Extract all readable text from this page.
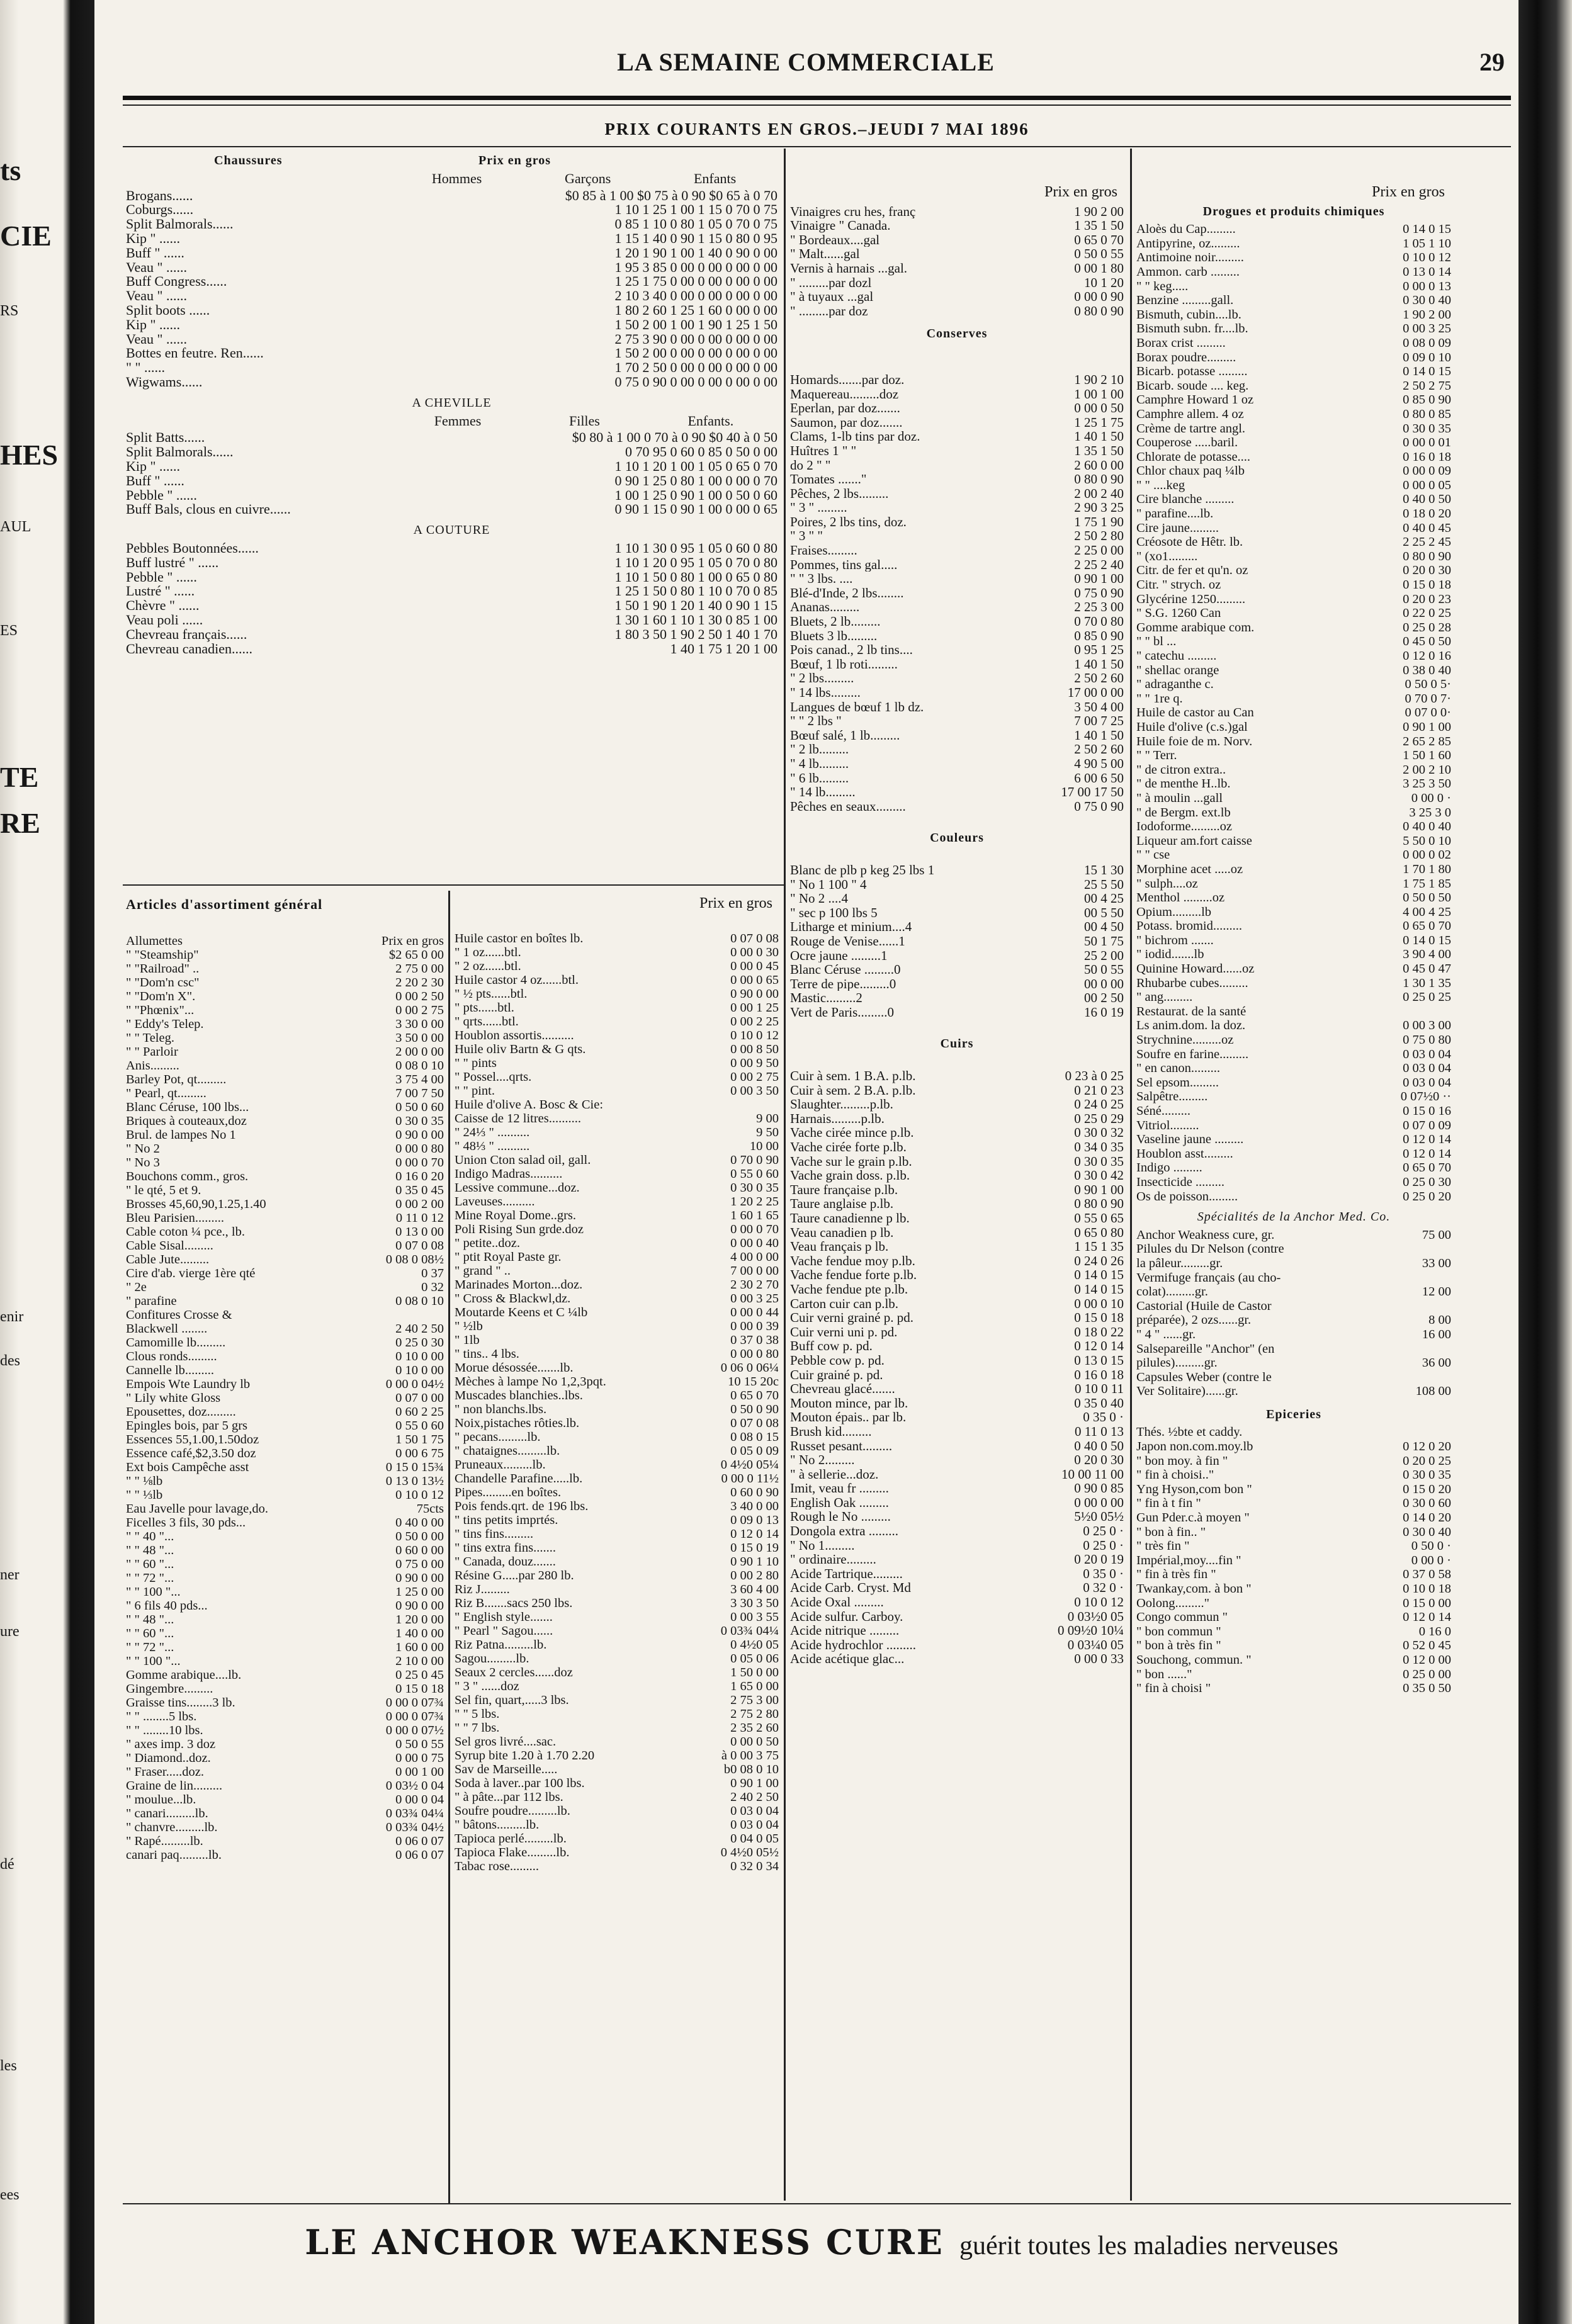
ts
CIE
RS
HES
AUL
ES
TE
RE
enir
des
ner
ure
dé
les
ees
LA SEMAINE COMMERCIALE	29
PRIX COURANTS EN GROS.–JEUDI 7 MAI 1896
Chaussures	Prix en gros
Hommes	Garçons	Enfants
Brogans......	$0 85 à 1 00 $0 75 à 0 90 $0 65 à 0 70
Coburgs......	1 10 1 25 1 00 1 15 0 70 0 75
Split Balmorals......	0 85 1 10 0 80 1 05 0 70 0 75
Kip " ......	1 15 1 40 0 90 1 15 0 80 0 95
Buff " ......	1 20 1 90 1 00 1 40 0 90 0 00
Veau " ......	1 95 3 85 0 00 0 00 0 00 0 00
Buff Congress......	1 25 1 75 0 00 0 00 0 00 0 00
Veau " ......	2 10 3 40 0 00 0 00 0 00 0 00
Split boots ......	1 80 2 60 1 25 1 60 0 00 0 00
Kip " ......	1 50 2 00 1 00 1 90 1 25 1 50
Veau " ......	2 75 3 90 0 00 0 00 0 00 0 00
Bottes en feutre. Ren......	1 50 2 00 0 00 0 00 0 00 0 00
" " ......	1 70 2 50 0 00 0 00 0 00 0 00
Wigwams......	0 75 0 90 0 00 0 00 0 00 0 00
A CHEVILLE
Femmes	Filles	Enfants.
Split Batts......	$0 80 à 1 00 0 70 à 0 90 $0 40 à 0 50
Split Balmorals......	0 70 95 0 60 0 85 0 50 0 00
Kip " ......	1 10 1 20 1 00 1 05 0 65 0 70
Buff " ......	0 90 1 25 0 80 1 00 0 00 0 70
Pebble " ......	1 00 1 25 0 90 1 00 0 50 0 60
Buff Bals, clous en cuivre......	0 90 1 15 0 90 1 00 0 00 0 65
A COUTURE
Pebbles Boutonnées......	1 10 1 30 0 95 1 05 0 60 0 80
Buff lustré " ......	1 10 1 20 0 95 1 05 0 70 0 80
Pebble " ......	1 10 1 50 0 80 1 00 0 65 0 80
Lustré " ......	1 25 1 50 0 80 1 10 0 70 0 85
Chèvre " ......	1 50 1 90 1 20 1 40 0 90 1 15
Veau poli ......	1 30 1 60 1 10 1 30 0 85 1 00
Chevreau français......	1 80 3 50 1 90 2 50 1 40 1 70
Chevreau canadien......	1 40 1 75 1 20 1 00
Articles d'assortiment général
Allumettes	Prix en gros
" "Steamship"	$2 65 0 00
" "Railroad" ..	2 75 0 00
" "Dom'n csc"	2 20 2 30
" "Dom'n X".	0 00 2 50
" "Phœnix"...	0 00 2 75
" Eddy's Telep.	3 30 0 00
" " Teleg.	3 50 0 00
" " Parloir	2 00 0 00
Anis.........	0 08 0 10
Barley Pot, qt.........	3 75 4 00
" Pearl, qt.........	7 00 7 50
Blanc Céruse, 100 lbs...	0 50 0 60
Briques à couteaux,doz	0 30 0 35
Brul. de lampes No 1	0 90 0 00
" No 2	0 00 0 80
" No 3	0 00 0 70
Bouchons comm., gros.	0 16 0 20
" le qté, 5 et 9.	0 35 0 45
Brosses 45,60,90,1.25,1.40	0 00 2 00
Bleu Parisien.........	0 11 0 12
Cable coton ¼ pce., lb.	0 13 0 00
Cable Sisal.........	0 07 0 08
Cable Jute.........	0 08 0 08½
Cire d'ab. vierge 1ère qté	0 37
" 2e	0 32
" parafine	0 08 0 10
Confitures Crosse &
Blackwell ........	2 40 2 50
Camomille lb.........	0 25 0 30
Clous ronds.........	0 10 0 00
Cannelle lb.........	0 10 0 00
Empois Wte Laundry lb	0 00 0 04½
" Lily white Gloss	0 07 0 00
Epousettes, doz.........	0 60 2 25
Epingles bois, par 5 grs	0 55 0 60
Essences 55,1.00,1.50doz	1 50 1 75
Essence café,$2,3.50 doz	0 00 6 75
Ext bois Campêche asst	0 15 0 15¾
" " ⅛lb	0 13 0 13½
" " ⅓lb	0 10 0 12
Eau Javelle pour lavage,do.	75cts
Ficelles 3 fils, 30 pds...	0 40 0 00
" " 40 "...	0 50 0 00
" " 48 "...	0 60 0 00
" " 60 "...	0 75 0 00
" " 72 "...	0 90 0 00
" " 100 "...	1 25 0 00
" 6 fils 40 pds...	0 90 0 00
" " 48 "...	1 20 0 00
" " 60 "...	1 40 0 00
" " 72 "...	1 60 0 00
" " 100 "...	2 10 0 00
Gomme arabique....lb.	0 25 0 45
Gingembre.........	0 15 0 18
Graisse tins........3 lb.	0 00 0 07¾
" " ........5 lbs.	0 00 0 07¾
" " ........10 lbs.	0 00 0 07½
" axes imp. 3 doz	0 50 0 55
" Diamond..doz.	0 00 0 75
" Fraser.....doz.	0 00 1 00
Graine de lin.........	0 03½ 0 04
" moulue...lb.	0 00 0 04
" canari.........lb.	0 03¾ 04¼
" chanvre.........lb.	0 03¾ 04½
" Rapé.........lb.	0 06 0 07
canari paq.........lb.	0 06 0 07
Prix en gros
Huile castor en boîtes lb.	0 07 0 08
" 1 oz......btl.	0 00 0 30
" 2 oz......btl.	0 00 0 45
Huile castor 4 oz......btl.	0 00 0 65
" ½ pts......btl.	0 90 0 00
" pts......btl.	0 00 1 25
" qrts......btl.	0 00 2 25
Houblon assortis..........	0 10 0 12
Huile oliv Bartn & G qts.	0 00 8 50
" " pints	0 00 9 50
" Possel....qrts.	0 00 2 75
" " pint.	0 00 3 50
Huile d'olive A. Bosc & Cie:
Caisse de 12 litres..........	9 00
" 24⅓ " ..........	9 50
" 48⅓ " ..........	10 00
Union Cton salad oil, gall.	0 70 0 90
Indigo Madras..........	0 55 0 60
Lessive commune...doz.	0 30 0 35
Laveuses..........	1 20 2 25
Mine Royal Dome..grs.	1 60 1 65
Poli Rising Sun grde.doz	0 00 0 70
" petite..doz.	0 00 0 40
" ptit Royal Paste gr.	4 00 0 00
" grand " ..	7 00 0 00
Marinades Morton...doz.	2 30 2 70
" Cross & Blackwl,dz.	0 00 3 25
Moutarde Keens et C ¼lb	0 00 0 44
" ½lb	0 00 0 39
" 1lb	0 37 0 38
" tins.. 4 lbs.	0 00 0 80
Morue désossée.......lb.	0 06 0 06¼
Mèches à lampe No 1,2,3pqt.	10 15 20c
Muscades blanchies..lbs.	0 65 0 70
" non blanchs.lbs.	0 50 0 90
Noix,pistaches rôties.lb.	0 07 0 08
" pecans.........lb.	0 08 0 15
" chataignes.........lb.	0 05 0 09
Pruneaux.........lb.	0 4½0 05¼
Chandelle Parafine.....lb.	0 00 0 11½
Pipes.........en boîtes.	0 60 0 90
Pois fends.qrt. de 196 lbs.	3 40 0 00
" tins petits imprtés.	0 09 0 13
" tins fins.........	0 12 0 14
" tins extra fins.......	0 15 0 19
" Canada, douz.......	0 90 1 10
Résine G.....par 280 lb.	0 00 2 80
Riz J.........	3 60 4 00
Riz B.......sacs 250 lbs.	3 30 3 50
" English style.......	0 00 3 55
" Pearl " Sagou......	0 03¾ 04¼
Riz Patna.........lb.	0 4½0 05
Sagou.........lb.	0 05 0 06
Seaux 2 cercles......doz	1 50 0 00
" 3 " ......doz	1 65 0 00
Sel fin, quart,.....3 lbs.	2 75 3 00
" " 5 lbs.	2 75 2 80
" " 7 lbs.	2 35 2 60
Sel gros livré....sac.	0 00 0 50
Syrup bite 1.20 à 1.70 2.20	à 0 00 3 75
Sav de Marseille.....	b0 08 0 10
Soda à laver..par 100 lbs.	0 90 1 00
" à pâte...par 112 lbs.	2 40 2 50
Soufre poudre.........lb.	0 03 0 04
" bâtons.........lb.	0 03 0 04
Tapioca perlé.........lb.	0 04 0 05
Tapioca Flake.........lb.	0 4½0 05½
Tabac rose.........	0 32 0 34
Prix en gros
Vinaigres cru hes, franç	1 90 2 00
Vinaigre " Canada.	1 35 1 50
" Bordeaux....gal	0 65 0 70
" Malt......gal	0 50 0 55
Vernis à harnais ...gal.	0 00 1 80
" .........par dozl	10 1 20
" à tuyaux ...gal	0 00 0 90
" .........par doz	0 80 0 90
Conserves
Homards.......par doz.	1 90 2 10
Maquereau.........doz	1 00 1 00
Eperlan, par doz.......	0 00 0 50
Saumon, par doz.......	1 25 1 75
Clams, 1-lb tins par doz.	1 40 1 50
Huîtres 1 " "	1 35 1 50
do 2 " "	2 60 0 00
Tomates ......."	0 80 0 90
Pêches, 2 lbs.........	2 00 2 40
" 3 " .........	2 90 3 25
Poires, 2 lbs tins, doz.	1 75 1 90
" 3 " "	2 50 2 80
Fraises.........	2 25 0 00
Pommes, tins gal.....	2 25 2 40
" " 3 lbs. ....	0 90 1 00
Blé-d'Inde, 2 lbs........	0 75 0 90
Ananas.........	2 25 3 00
Bluets, 2 lb.........	0 70 0 80
Bluets 3 lb.........	0 85 0 90
Pois canad., 2 lb tins....	0 95 1 25
Bœuf, 1 lb roti.........	1 40 1 50
" 2 lbs.........	2 50 2 60
" 14 lbs.........	17 00 0 00
Langues de bœuf 1 lb dz.	3 50 4 00
" " 2 lbs "	7 00 7 25
Bœuf salé, 1 lb.........	1 40 1 50
" 2 lb.........	2 50 2 60
" 4 lb.........	4 90 5 00
" 6 lb.........	6 00 6 50
" 14 lb.........	17 00 17 50
Pêches en seaux.........	0 75 0 90
Couleurs
Blanc de plb p keg 25 lbs 1	15 1 30
" No 1 100 " 4	25 5 50
" No 2 ....4	00 4 25
" sec p 100 lbs 5	00 5 50
Litharge et minium....4	00 4 50
Rouge de Venise......1	50 1 75
Ocre jaune .........1	25 2 00
Blanc Céruse .........0	50 0 55
Terre de pipe.........0	00 0 00
Mastic.........2	00 2 50
Vert de Paris.........0	16 0 19
Cuirs
Cuir à sem. 1 B.A. p.lb.	0 23 à 0 25
Cuir à sem. 2 B.A. p.lb.	0 21 0 23
Slaughter.........p.lb.	0 24 0 25
Harnais.........p.lb.	0 25 0 29
Vache cirée mince p.lb.	0 30 0 32
Vache cirée forte p.lb.	0 34 0 35
Vache sur le grain p.lb.	0 30 0 35
Vache grain doss. p.lb.	0 30 0 42
Taure française p.lb.	0 90 1 00
Taure anglaise p.lb.	0 80 0 90
Taure canadienne p lb.	0 55 0 65
Veau canadien p lb.	0 65 0 80
Veau français p lb.	1 15 1 35
Vache fendue moy p.lb.	0 24 0 26
Vache fendue forte p.lb.	0 14 0 15
Vache fendue pte p.lb.	0 14 0 15
Carton cuir can p.lb.	0 00 0 10
Cuir verni grainé p. pd.	0 15 0 18
Cuir verni uni p. pd.	0 18 0 22
Buff cow p. pd.	0 12 0 14
Pebble cow p. pd.	0 13 0 15
Cuir grainé p. pd.	0 16 0 18
Chevreau glacé.......	0 10 0 11
Mouton mince, par lb.	0 35 0 40
Mouton épais.. par lb.	0 35 0 ·
Brush kid.........	0 11 0 13
Russet pesant.........	0 40 0 50
" No 2.........	0 20 0 30
" à sellerie...doz.	10 00 11 00
Imit, veau fr .........	0 90 0 85
English Oak .........	0 00 0 00
Rough le No .........	5½0 05½
Dongola extra .........	0 25 0 ·
" No 1.........	0 25 0 ·
" ordinaire.........	0 20 0 19
Acide Tartrique.........	0 35 0 ·
Acide Carb. Cryst. Md	0 32 0 ·
Acide Oxal .........	0 10 0 12
Acide sulfur. Carboy.	0 03½0 05
Acide nitrique .........	0 09½0 10¼
Acide hydrochlor .........	0 03¼0 05
Acide acétique glac...	0 00 0 33
Prix en gros
Drogues et produits chimiques
Aloès du Cap.........	0 14 0 15
Antipyrine, oz.........	1 05 1 10
Antimoine noir.........	0 10 0 12
Ammon. carb .........	0 13 0 14
" " keg.....	0 00 0 13
Benzine .........gall.	0 30 0 40
Bismuth, cubin....lb.	1 90 2 00
Bismuth subn. fr....lb.	0 00 3 25
Borax crist .........	0 08 0 09
Borax poudre.........	0 09 0 10
Bicarb. potasse .........	0 14 0 15
Bicarb. soude .... keg.	2 50 2 75
Camphre Howard 1 oz	0 85 0 90
Camphre allem. 4 oz	0 80 0 85
Crème de tartre angl.	0 30 0 35
Couperose .....baril.	0 00 0 01
Chlorate de potasse....	0 16 0 18
Chlor chaux paq ¼lb	0 00 0 09
" " ....keg	0 00 0 05
Cire blanche .........	0 40 0 50
" parafine....lb.	0 18 0 20
Cire jaune.........	0 40 0 45
Créosote de Hêtr. lb.	2 25 2 45
" (xo1.........	0 80 0 90
Citr. de fer et qu'n. oz	0 20 0 30
Citr. " strych. oz	0 15 0 18
Glycérine 1250.........	0 20 0 23
" S.G. 1260 Can	0 22 0 25
Gomme arabique com.	0 25 0 28
" " bl ...	0 45 0 50
" catechu .........	0 12 0 16
" shellac orange	0 38 0 40
" adraganthe c.	0 50 0 5·
" " 1re q.	0 70 0 7·
Huile de castor au Can	0 07 0 0·
Huile d'olive (c.s.)gal	0 90 1 00
Huile foie de m. Norv.	2 65 2 85
" " Terr.	1 50 1 60
" de citron extra..	2 00 2 10
" de menthe H..lb.	3 25 3 50
" à moulin ...gall	0 00 0 ·
" de Bergm. ext.lb	3 25 3 0
Iodoforme.........oz	0 40 0 40
Liqueur am.fort caisse	5 50 0 10
" " cse	0 00 0 02
Morphine acet .....oz	1 70 1 80
" sulph....oz	1 75 1 85
Menthol .........oz	0 50 0 50
Opium.........lb	4 00 4 25
Potass. bromid.........	0 65 0 70
" bichrom .......	0 14 0 15
" iodid.......lb	3 90 4 00
Quinine Howard......oz	0 45 0 47
Rhubarbe cubes.........	1 30 1 35
" ang.........	0 25 0 25
Restaurat. de la santé
Ls anim.dom. la doz.	0 00 3 00
Strychnine.........oz	0 75 0 80
Soufre en farine.........	0 03 0 04
" en canon.........	0 03 0 04
Sel epsom.........	0 03 0 04
Salpêtre.........	0 07½0 ··
Séné.........	0 15 0 16
Vitriol.........	0 07 0 09
Vaseline jaune .........	0 12 0 14
Houblon asst.........	0 12 0 14
Indigo .........	0 65 0 70
Insecticide .........	0 25 0 30
Os de poisson.........	0 25 0 20
Spécialités de la Anchor Med. Co.
Anchor Weakness cure, gr.	75 00
Pilules du Dr Nelson (contre
la pâleur.........gr.	33 00
Vermifuge français (au cho-
colat).........gr.	12 00
Castorial (Huile de Castor
préparée), 2 ozs......gr.	8 00
" 4 " ......gr.	16 00
Salsepareille "Anchor" (en
pilules).........gr.	36 00
Capsules Weber (contre le
Ver Solitaire)......gr.	108 00
Epiceries
Thés. ½bte et caddy.
Japon non.com.moy.lb	0 12 0 20
" bon moy. à fin "	0 20 0 25
" fin à choisi.."	0 30 0 35
Yng Hyson,com bon "	0 15 0 20
" fin à t fin "	0 30 0 60
Gun Pder.c.à moyen "	0 14 0 20
" bon à fin.. "	0 30 0 40
" très fin "	0 50 0 ·
Impérial,moy....fin "	0 00 0 ·
" fin à très fin "	0 37 0 58
Twankay,com. à bon "	0 10 0 18
Oolong........."	0 15 0 00
Congo commun "	0 12 0 14
" bon commun "	0 16 0
" bon à très fin "	0 52 0 45
Souchong, commun. "	0 12 0 00
" bon ......"	0 25 0 00
" fin à choisi "	0 35 0 50
LE ANCHOR WEAKNESS CURE guérit toutes les maladies nerveuses
